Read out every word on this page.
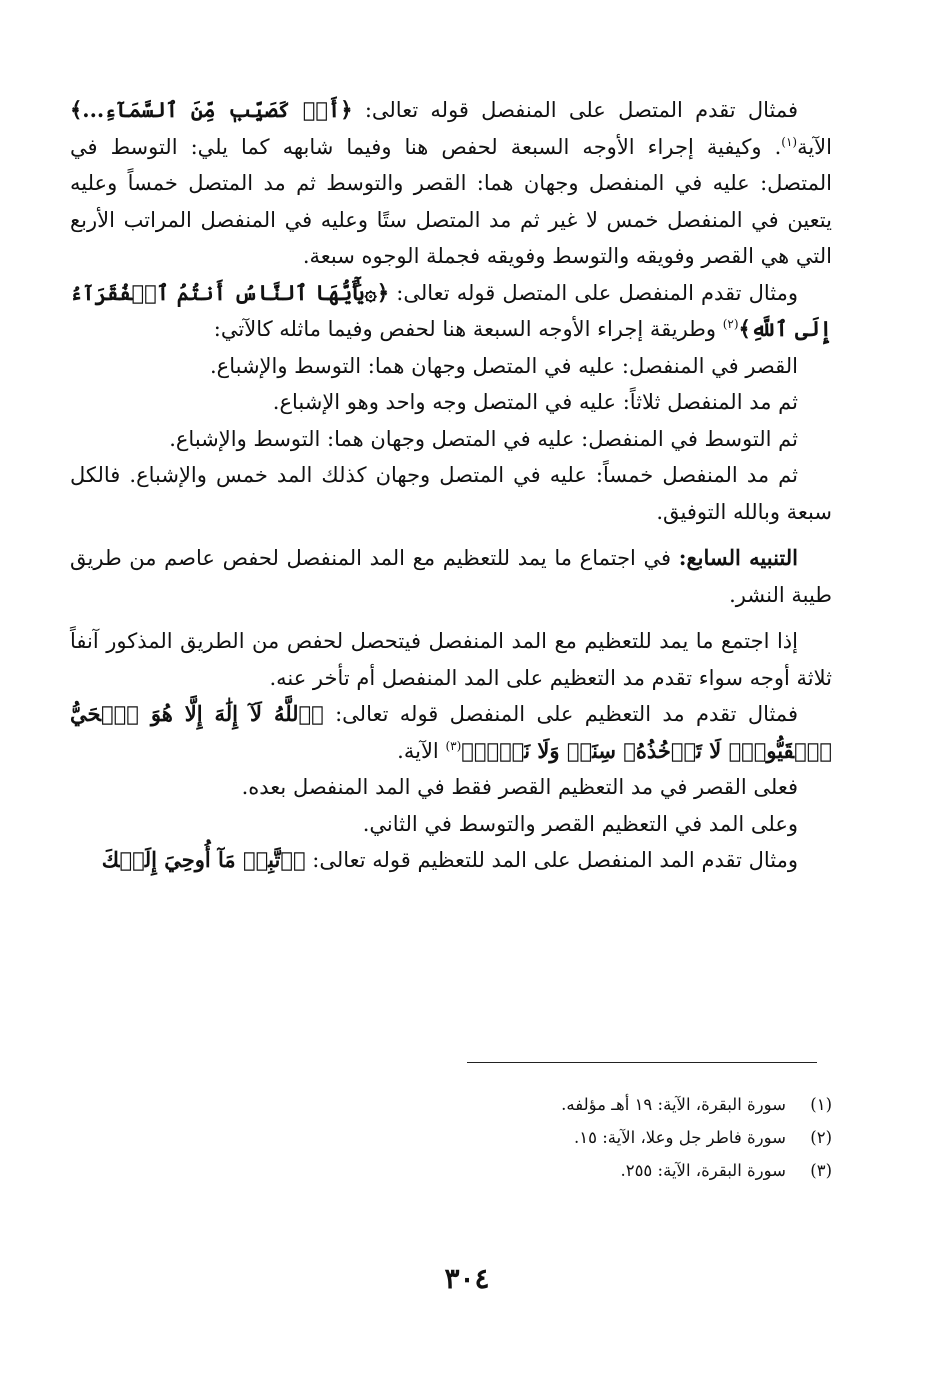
فمثال تقدم المتصل على المنفصل قوله تعالى: ﴿أَوۡ كَصَيِّبٖ مِّنَ ٱلسَّمَآءِ...﴾ الآية$^{(١)}$. وكيفية إجراء الأوجه السبعة لحفص هنا وفيما شابهه كما يلي: التوسط في المتصل: عليه في المنفصل وجهان هما: القصر والتوسط ثم مد المتصل خمساً وعليه يتعين في المنفصل خمس لا غير ثم مد المتصل ستًا وعليه في المنفصل المراتب الأربع التي هي القصر وفويقه والتوسط وفويقه فجملة الوجوه سبعة.

ومثال تقدم المنفصل على المتصل قوله تعالى: ﴿۞يَٰٓأَيُّهَا ٱلنَّاسُ أَنتُمُ ٱلۡفُقَرَآءُ إِلَى ٱللَّهِ﴾$^{(٢)}$ وطريقة إجراء الأوجه السبعة هنا لحفص وفيما ماثله كالآتي:

القصر في المنفصل: عليه في المتصل وجهان هما: التوسط والإشباع.

ثم مد المنفصل ثلاثاً: عليه في المتصل وجه واحد وهو الإشباع.

ثم التوسط في المنفصل: عليه في المتصل وجهان هما: التوسط والإشباع.

ثم مد المنفصل خمساً: عليه في المتصل وجهان كذلك المد خمس والإشباع. فالكل سبعة وبالله التوفيق.

التنبيه السابع: في اجتماع ما يمد للتعظيم مع المد المنفصل لحفص عاصم من طريق طيبة النشر.

إذا اجتمع ما يمد للتعظيم مع المد المنفصل فيتحصل لحفص من الطريق المذكور آنفاً ثلاثة أوجه سواء تقدم مد التعظيم على المد المنفصل أم تأخر عنه.

فمثال تقدم مد التعظيم على المنفصل قوله تعالى: ﴿ٱللَّهُ لَآ إِلَٰهَ إِلَّا هُوَ ٱلۡحَيُّ ٱلۡقَيُّومُۚ لَا تَأۡخُذُهُۥ سِنَةٞ وَلَا نَوۡمٞ﴾$^{(٣)}$ الآية.

فعلى القصر في مد التعظيم القصر فقط في المد المنفصل بعده.

وعلى المد في التعظيم القصر والتوسط في الثاني.

ومثال تقدم المد المنفصل على المد للتعظيم قوله تعالى: ﴿ٱتَّبِعۡ مَآ أُوحِيَ إِلَيۡكَ

(١)
سورة البقرة، الآية: ١٩ أهـ مؤلفه.
(٢)
سورة فاطر جل وعلا، الآية: ١٥.
(٣)
سورة البقرة، الآية: ٢٥٥.
٣٠٤
